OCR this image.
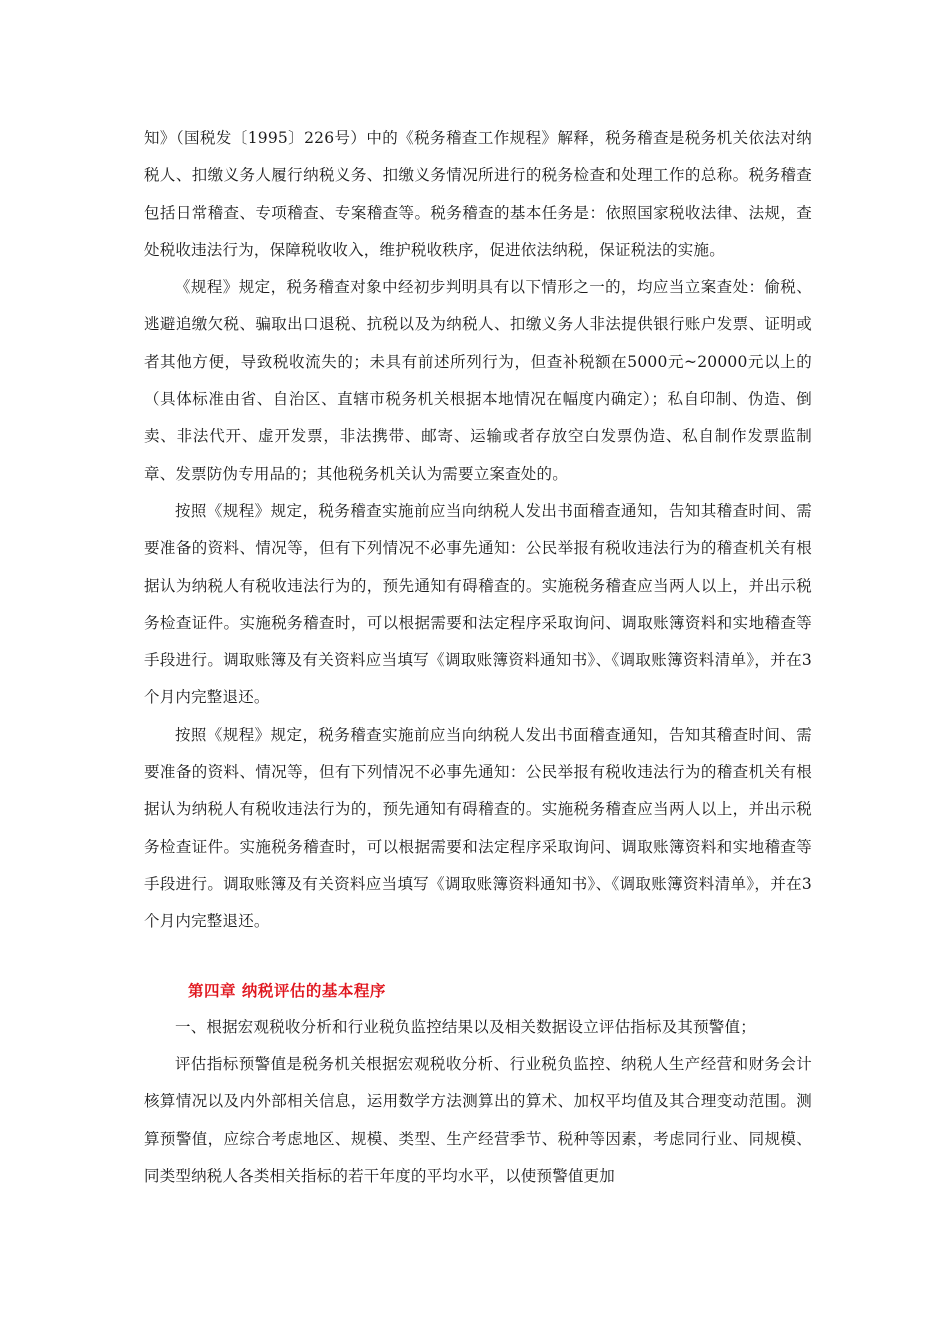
知》（国税发〔1995〕226号）中的《税务稽查工作规程》解释，税务稽查是税务机关依法对纳税人、扣缴义务人履行纳税义务、扣缴义务情况所进行的税务检查和处理工作的总称。税务稽查包括日常稽查、专项稽查、专案稽查等。税务稽查的基本任务是：依照国家税收法律、法规，查处税收违法行为，保障税收收入，维护税收秩序，促进依法纳税，保证税法的实施。

《规程》规定，税务稽查对象中经初步判明具有以下情形之一的，均应当立案查处：偷税、逃避追缴欠税、骗取出口退税、抗税以及为纳税人、扣缴义务人非法提供银行账户发票、证明或者其他方便，导致税收流失的；未具有前述所列行为，但查补税额在5000元~20000元以上的（具体标准由省、自治区、直辖市税务机关根据本地情况在幅度内确定）；私自印制、伪造、倒卖、非法代开、虚开发票，非法携带、邮寄、运输或者存放空白发票伪造、私自制作发票监制章、发票防伪专用品的；其他税务机关认为需要立案查处的。

按照《规程》规定，税务稽查实施前应当向纳税人发出书面稽查通知，告知其稽查时间、需要准备的资料、情况等，但有下列情况不必事先通知：公民举报有税收违法行为的稽查机关有根据认为纳税人有税收违法行为的，预先通知有碍稽查的。实施税务稽查应当两人以上，并出示税务检查证件。实施税务稽查时，可以根据需要和法定程序采取询问、调取账簿资料和实地稽查等手段进行。调取账簿及有关资料应当填写《调取账簿资料通知书》、《调取账簿资料清单》，并在3个月内完整退还。

按照《规程》规定，税务稽查实施前应当向纳税人发出书面稽查通知，告知其稽查时间、需要准备的资料、情况等，但有下列情况不必事先通知：公民举报有税收违法行为的稽查机关有根据认为纳税人有税收违法行为的，预先通知有碍稽查的。实施税务稽查应当两人以上，并出示税务检查证件。实施税务稽查时，可以根据需要和法定程序采取询问、调取账簿资料和实地稽查等手段进行。调取账簿及有关资料应当填写《调取账簿资料通知书》、《调取账簿资料清单》，并在3个月内完整退还。

第四章 纳税评估的基本程序

一、根据宏观税收分析和行业税负监控结果以及相关数据设立评估指标及其预警值；

评估指标预警值是税务机关根据宏观税收分析、行业税负监控、纳税人生产经营和财务会计核算情况以及内外部相关信息，运用数学方法测算出的算术、加权平均值及其合理变动范围。测算预警值，应综合考虑地区、规模、类型、生产经营季节、税种等因素，考虑同行业、同规模、同类型纳税人各类相关指标的若干年度的平均水平，以使预警值更加
